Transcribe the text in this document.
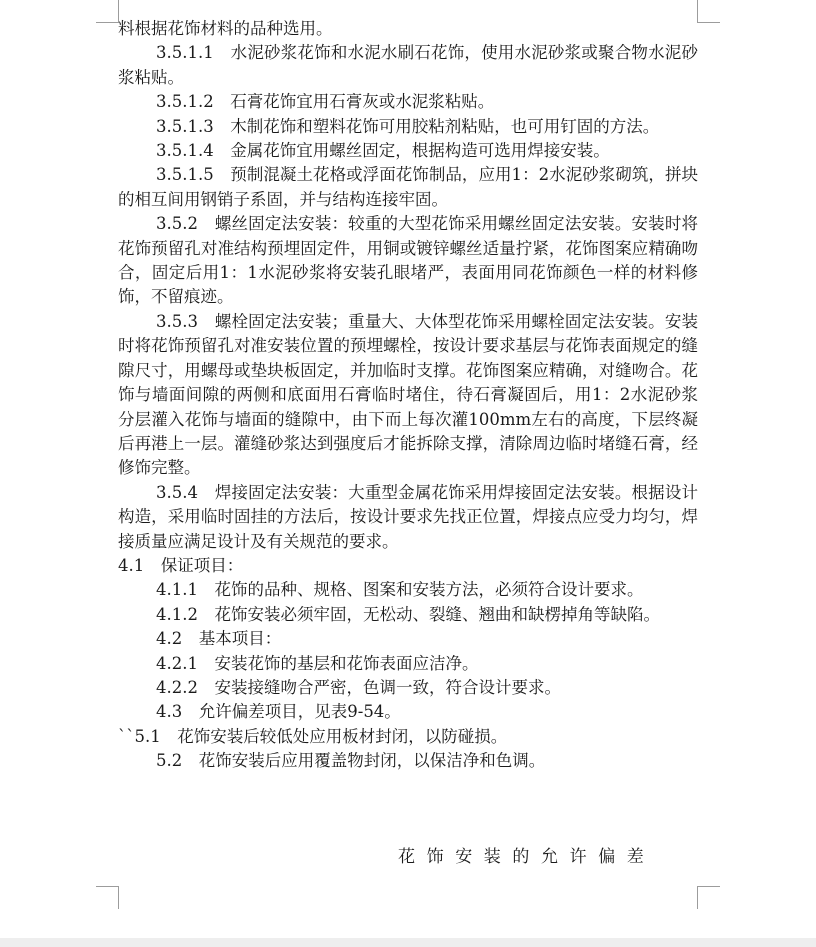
料根据花饰材料的品种选用。

3.5.1.1　水泥砂浆花饰和水泥水刷石花饰，使用水泥砂浆或聚合物水泥砂浆粘贴。

3.5.1.2　石膏花饰宜用石膏灰或水泥浆粘贴。

3.5.1.3　木制花饰和塑料花饰可用胶粘剂粘贴，也可用钉固的方法。

3.5.1.4　金属花饰宜用螺丝固定，根据构造可选用焊接安装。

3.5.1.5　预制混凝土花格或浮面花饰制品，应用1：2水泥砂浆砌筑，拼块的相互间用钢销子系固，并与结构连接牢固。

3.5.2　螺丝固定法安装：较重的大型花饰采用螺丝固定法安装。安装时将花饰预留孔对准结构预埋固定件，用铜或镀锌螺丝适量拧紧，花饰图案应精确吻合，固定后用1：1水泥砂浆将安装孔眼堵严，表面用同花饰颜色一样的材料修饰，不留痕迹。

3.5.3　螺栓固定法安装；重量大、大体型花饰采用螺栓固定法安装。安装时将花饰预留孔对准安装位置的预埋螺栓，按设计要求基层与花饰表面规定的缝隙尺寸，用螺母或垫块板固定，并加临时支撑。花饰图案应精确，对缝吻合。花饰与墙面间隙的两侧和底面用石膏临时堵住，待石膏凝固后，用1：2水泥砂浆分层灌入花饰与墙面的缝隙中，由下而上每次灌100mm左右的高度，下层终凝后再港上一层。灌缝砂浆达到强度后才能拆除支撑，清除周边临时堵缝石膏，经修饰完整。

3.5.4　焊接固定法安装：大重型金属花饰采用焊接固定法安装。根据设计构造，采用临时固挂的方法后，按设计要求先找正位置，焊接点应受力均匀，焊接质量应满足设计及有关规范的要求。

4.1　保证项目：

4.1.1　花饰的品种、规格、图案和安装方法，必须符合设计要求。

4.1.2　花饰安装必须牢固，无松动、裂缝、翘曲和缺楞掉角等缺陷。

4.2　基本项目：

4.2.1　安装花饰的基层和花饰表面应洁净。

4.2.2　安装接缝吻合严密，色调一致，符合设计要求。

4.3　允许偏差项目，见表9-54。

``5.1　花饰安装后较低处应用板材封闭，以防碰损。

5.2　花饰安装后应用覆盖物封闭，以保洁净和色调。

花饰安装的允许偏差
